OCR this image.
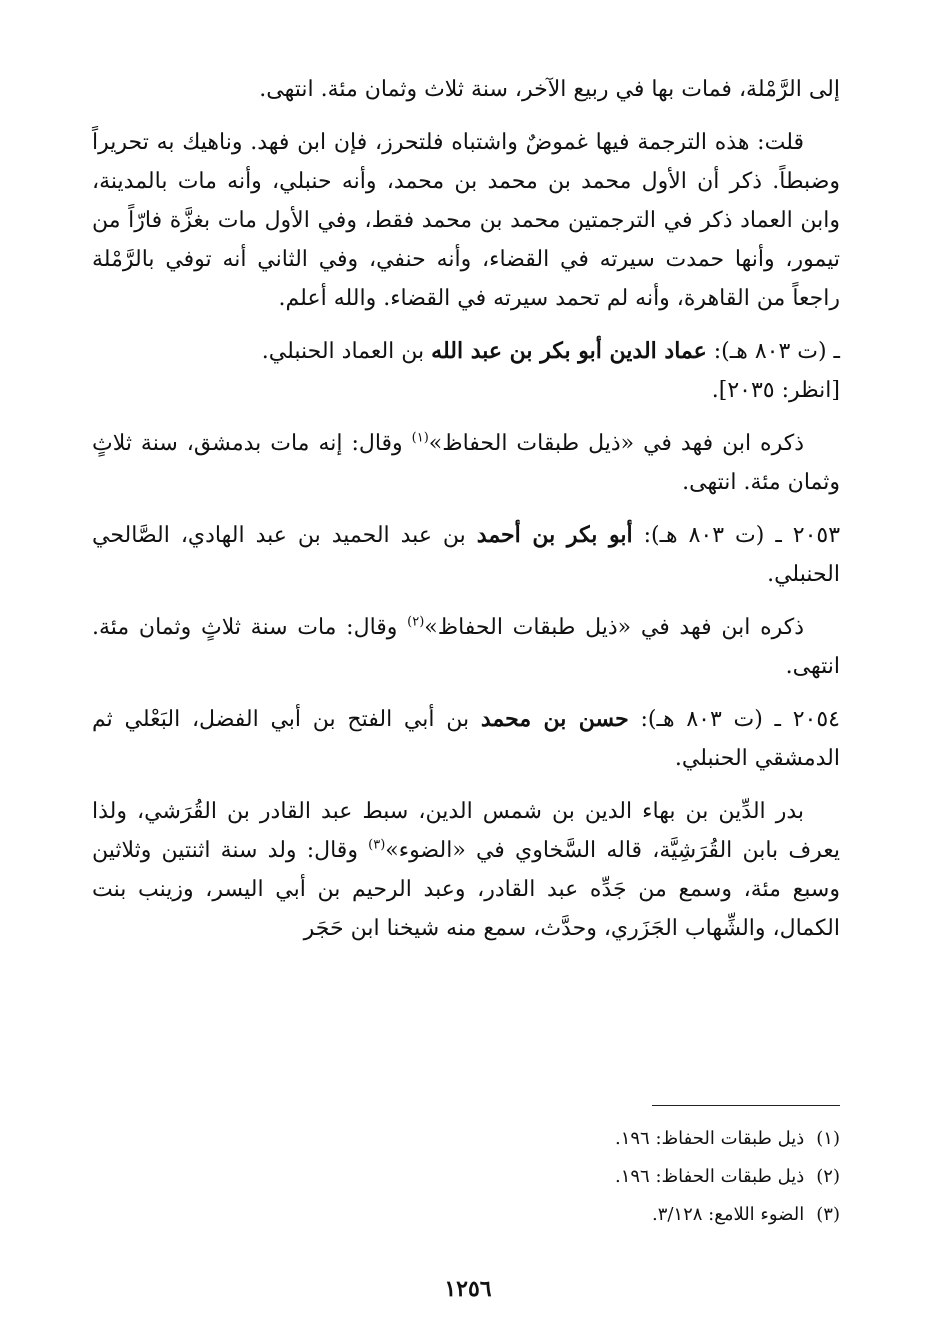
إلى الرَّمْلة، فمات بها في ربيع الآخر، سنة ثلاث وثمان مئة. انتهى.

قلت: هذه الترجمة فيها غموضٌ واشتباه فلتحرز، فإن ابن فهد. وناهيك به تحريراً وضبطاً. ذكر أن الأول محمد بن محمد بن محمد، وأنه حنبلي، وأنه مات بالمدينة، وابن العماد ذكر في الترجمتين محمد بن محمد فقط، وفي الأول مات بغزَّة فارّاً من تيمور، وأنها حمدت سيرته في القضاء، وأنه حنفي، وفي الثاني أنه توفي بالرَّمْلة راجعاً من القاهرة، وأنه لم تحمد سيرته في القضاء. والله أعلم.

ـ (ت ٨٠٣ هـ): عماد الدين أبو بكر بن عبد الله بن العماد الحنبلي.
[انظر: ٢٠٣٥].

ذكره ابن فهد في «ذيل طبقات الحفاظ»$^{(١)}$ وقال: إنه مات بدمشق، سنة ثلاثٍ وثمان مئة. انتهى.

٢٠٥٣ ـ (ت ٨٠٣ هـ): أبو بكر بن أحمد بن عبد الحميد بن عبد الهادي، الصَّالحي الحنبلي.

ذكره ابن فهد في «ذيل طبقات الحفاظ»$^{(٢)}$ وقال: مات سنة ثلاثٍ وثمان مئة. انتهى.

٢٠٥٤ ـ (ت ٨٠٣ هـ): حسن بن محمد بن أبي الفتح بن أبي الفضل، البَعْلي ثم الدمشقي الحنبلي.

بدر الدِّين بن بهاء الدين بن شمس الدين، سبط عبد القادر بن القُرَشي، ولذا يعرف بابن القُرَشِيَّة، قاله السَّخاوي في «الضوء»$^{(٣)}$ وقال: ولد سنة اثنتين وثلاثين وسبع مئة، وسمع من جَدِّه عبد القادر، وعبد الرحيم بن أبي اليسر، وزينب بنت الكمال، والشِّهاب الجَزَري، وحدَّث، سمع منه شيخنا ابن حَجَر

(١)ذيل طبقات الحفاظ: ١٩٦.
(٢)ذيل طبقات الحفاظ: ١٩٦.
(٣)الضوء اللامع: ٣/١٢٨.
١٢٥٦
